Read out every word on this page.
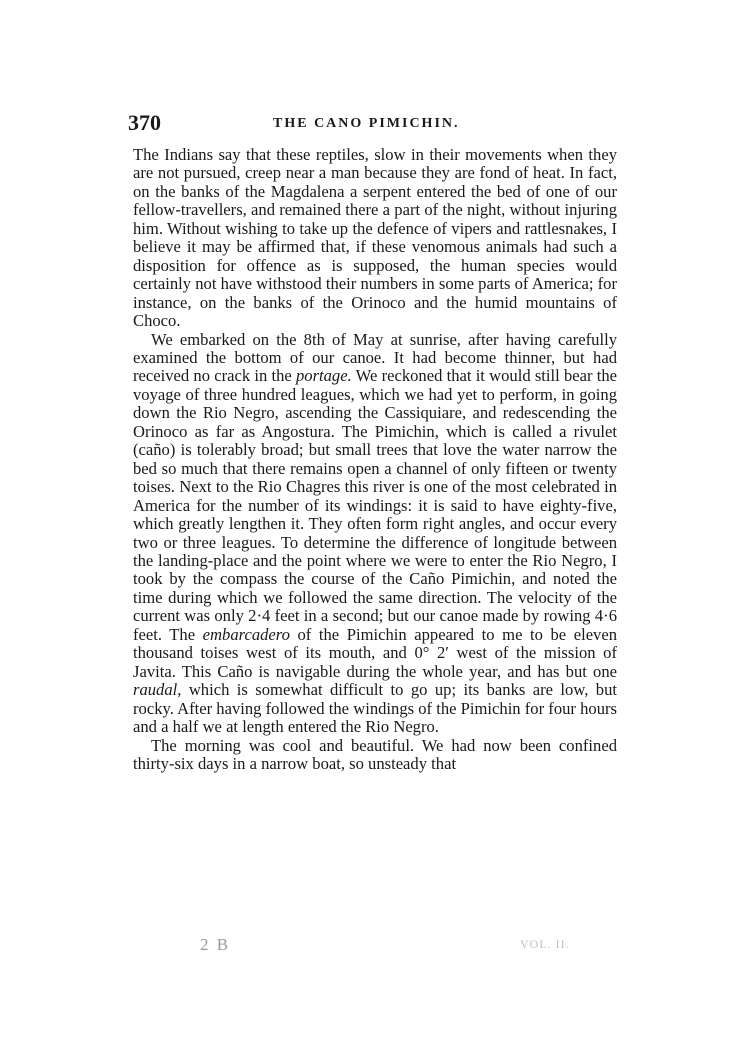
370	THE CANO PIMICHIN.

The Indians say that these reptiles, slow in their movements when they are not pursued, creep near a man because they are fond of heat. In fact, on the banks of the Magdalena a serpent entered the bed of one of our fellow-travellers, and remained there a part of the night, without injuring him. Without wishing to take up the defence of vipers and rattlesnakes, I believe it may be affirmed that, if these venomous animals had such a disposition for offence as is supposed, the human species would certainly not have withstood their numbers in some parts of America; for instance, on the banks of the Orinoco and the humid mountains of Choco.

We embarked on the 8th of May at sunrise, after having carefully examined the bottom of our canoe. It had become thinner, but had received no crack in the portage. We reckoned that it would still bear the voyage of three hundred leagues, which we had yet to perform, in going down the Rio Negro, ascending the Cassiquiare, and redescending the Orinoco as far as Angostura. The Pimichin, which is called a rivulet (caño) is tolerably broad; but small trees that love the water narrow the bed so much that there remains open a channel of only fifteen or twenty toises. Next to the Rio Chagres this river is one of the most celebrated in America for the number of its windings: it is said to have eighty-five, which greatly lengthen it. They often form right angles, and occur every two or three leagues. To determine the difference of longitude between the landing-place and the point where we were to enter the Rio Negro, I took by the compass the course of the Caño Pimichin, and noted the time during which we followed the same direction. The velocity of the current was only 2·4 feet in a second; but our canoe made by rowing 4·6 feet. The embarcadero of the Pimichin appeared to me to be eleven thousand toises west of its mouth, and 0° 2′ west of the mission of Javita. This Caño is navigable during the whole year, and has but one raudal, which is somewhat difficult to go up; its banks are low, but rocky. After having followed the windings of the Pimichin for four hours and a half we at length entered the Rio Negro.

The morning was cool and beautiful. We had now been confined thirty-six days in a narrow boat, so unsteady that

2 B	VOL. II.
